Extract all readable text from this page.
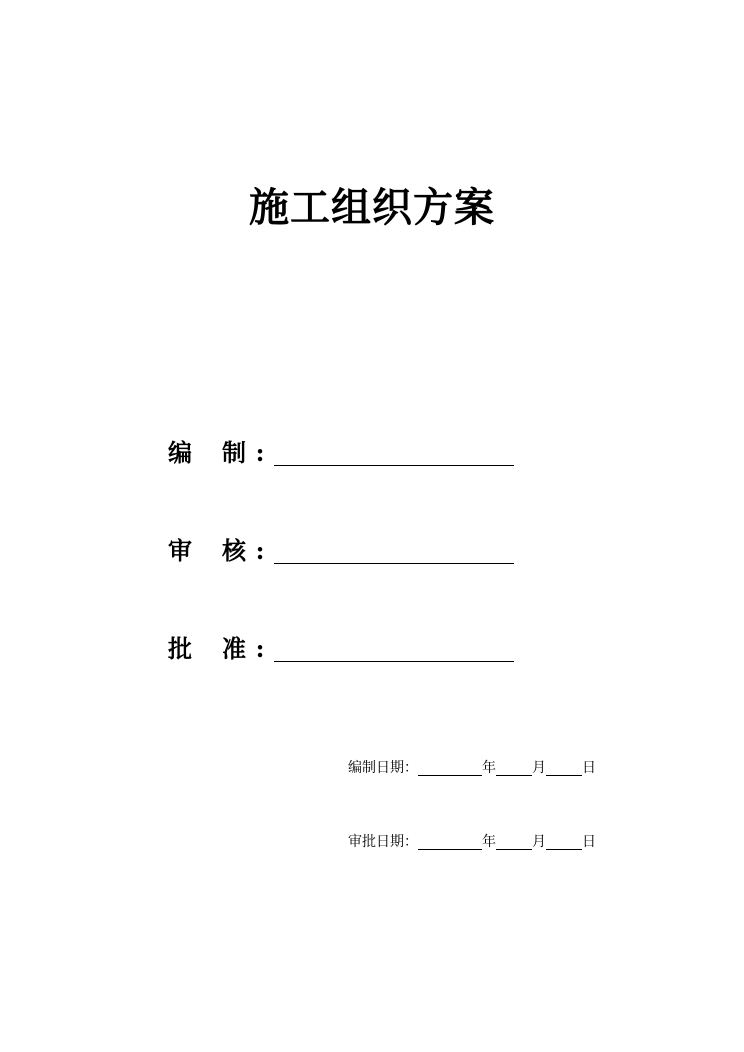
施工组织方案
编 制 :
审 核 :
批 准 :
编制日期：	年	月	日
审批日期：	年	月	日
